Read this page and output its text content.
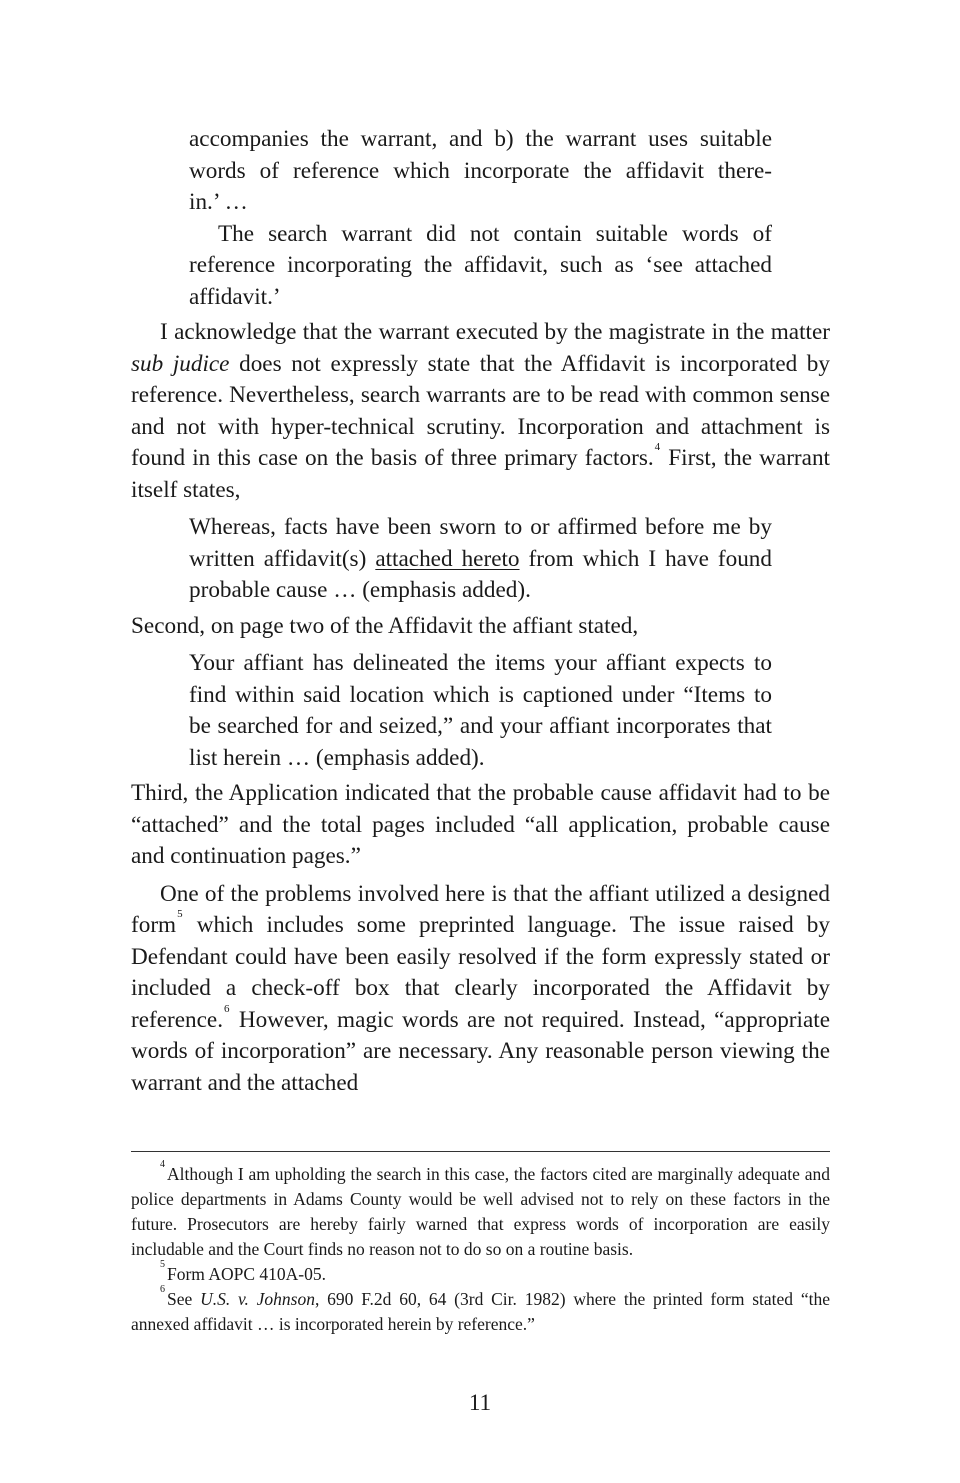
accompanies the warrant, and b) the warrant uses suitable
words of reference which incorporate the affidavit there-
in.’ …

The search warrant did not contain suitable words of reference incorporating the affidavit, such as ‘see attached affidavit.’

I acknowledge that the warrant executed by the magistrate in the matter sub judice does not expressly state that the Affidavit is incorporated by reference. Nevertheless, search warrants are to be read with common sense and not with hyper-technical scrutiny. Incorporation and attachment is found in this case on the basis of three primary factors.$^4$ First, the warrant itself states,

Whereas, facts have been sworn to or affirmed before me by written affidavit(s) attached hereto from which I have found probable cause … (emphasis added).

Second, on page two of the Affidavit the affiant stated,

Your affiant has delineated the items your affiant expects to find within said location which is captioned under “Items to be searched for and seized,” and your affiant incorporates that list herein … (emphasis added).

Third, the Application indicated that the probable cause affidavit had to be “attached” and the total pages included “all application, probable cause and continuation pages.”

One of the problems involved here is that the affiant utilized a designed form$^5$ which includes some preprinted language. The issue raised by Defendant could have been easily resolved if the form expressly stated or included a check-off box that clearly incorporated the Affidavit by reference.$^6$ However, magic words are not required. Instead, “appropriate words of incorporation” are necessary. Any reasonable person viewing the warrant and the attached

$^4$ Although I am upholding the search in this case, the factors cited are marginally adequate and police departments in Adams County would be well advised not to rely on these factors in the future. Prosecutors are hereby fairly warned that express words of incorporation are easily includable and the Court finds no reason not to do so on a routine basis.

$^5$ Form AOPC 410A-05.

$^6$ See U.S. v. Johnson, 690 F.2d 60, 64 (3rd Cir. 1982) where the printed form stated “the annexed affidavit … is incorporated herein by reference.”

11
